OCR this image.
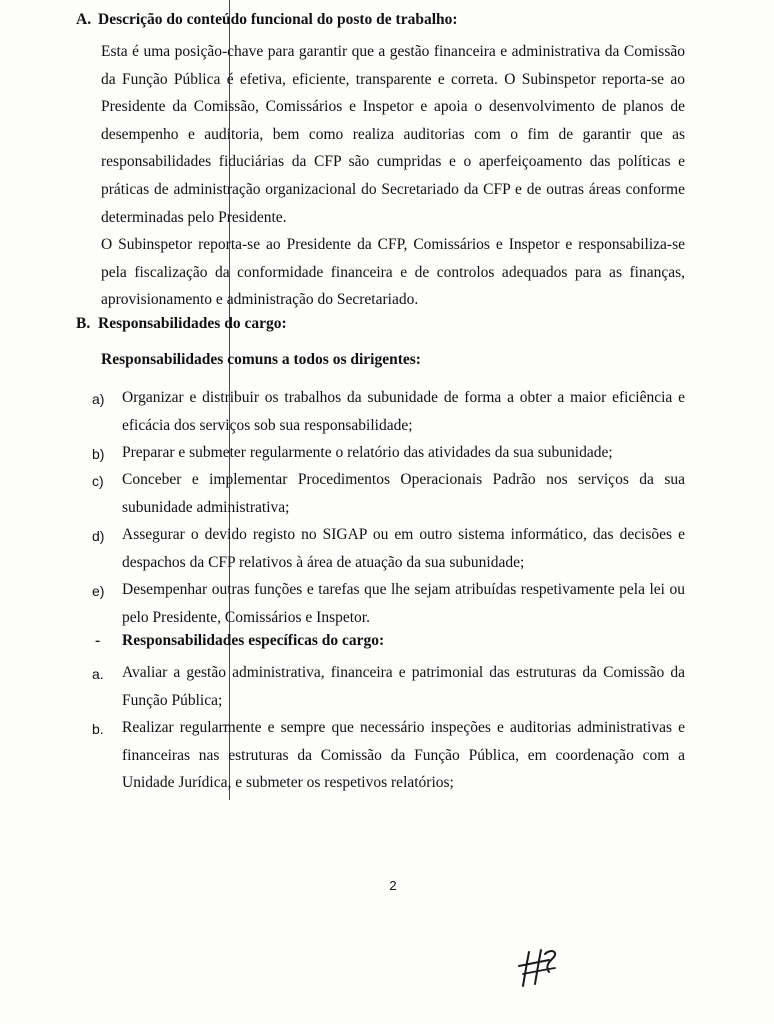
A. Descrição do conteúdo funcional do posto de trabalho:
Esta é uma posição-chave para garantir que a gestão financeira e administrativa da Comissão da Função Pública é efetiva, eficiente, transparente e correta. O Subinspetor reporta-se ao Presidente da Comissão, Comissários e Inspetor e apoia o desenvolvimento de planos de desempenho e auditoria, bem como realiza auditorias com o fim de garantir que as responsabilidades fiduciárias da CFP são cumpridas e o aperfeiçoamento das políticas e práticas de administração organizacional do Secretariado da CFP e de outras áreas conforme determinadas pelo Presidente.
O Subinspetor reporta-se ao Presidente da CFP, Comissários e Inspetor e responsabiliza-se pela fiscalização da conformidade financeira e de controlos adequados para as finanças, aprovisionamento e administração do Secretariado.
B. Responsabilidades do cargo:
Responsabilidades comuns a todos os dirigentes:
a) Organizar e distribuir os trabalhos da subunidade de forma a obter a maior eficiência e eficácia dos serviços sob sua responsabilidade;
b) Preparar e submeter regularmente o relatório das atividades da sua subunidade;
c) Conceber e implementar Procedimentos Operacionais Padrão nos serviços da sua subunidade administrativa;
d) Assegurar o devido registo no SIGAP ou em outro sistema informático, das decisões e despachos da CFP relativos à área de atuação da sua subunidade;
e) Desempenhar outras funções e tarefas que lhe sejam atribuídas respetivamente pela lei ou pelo Presidente, Comissários e Inspetor.
- Responsabilidades específicas do cargo:
a. Avaliar a gestão administrativa, financeira e patrimonial das estruturas da Comissão da Função Pública;
b. Realizar regularmente e sempre que necessário inspeções e auditorias administrativas e financeiras nas estruturas da Comissão da Função Pública, em coordenação com a Unidade Jurídica, e submeter os respetivos relatórios;
2
